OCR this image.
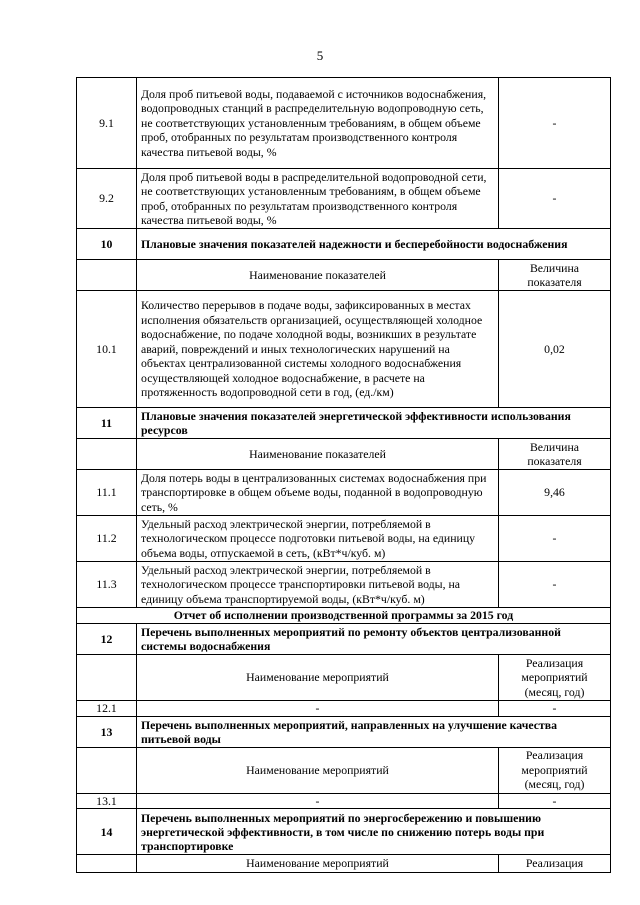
5
9.1	Доля проб питьевой воды, подаваемой с источников водоснабжения, водопроводных станций в распределительную водопроводную сеть, не соответствующих установленным требованиям, в общем объеме проб, отобранных по результатам производственного контроля качества питьевой воды, %	-
9.2	Доля проб питьевой воды в распределительной водопроводной сети, не соответствующих установленным требованиям, в общем объеме проб, отобранных по результатам производственного контроля качества питьевой воды, %	-
10	Плановые значения показателей надежности и бесперебойности водоснабжения	
	Наименование показателей	Величина показателя
10.1	Количество перерывов в подаче воды, зафиксированных в местах исполнения обязательств организацией, осуществляющей холодное водоснабжение, по подаче холодной воды, возникших в результате аварий, повреждений и иных технологических нарушений на объектах централизованной системы холодного водоснабжения осуществляющей холодное водоснабжение, в расчете на протяженность водопроводной сети в год, (ед./км)	0,02
11	Плановые значения показателей энергетической эффективности использования ресурсов	
	Наименование показателей	Величина показателя
11.1	Доля потерь воды в централизованных системах водоснабжения при транспортировке в общем объеме воды, поданной в водопроводную сеть, %	9,46
11.2	Удельный расход электрической энергии, потребляемой в технологическом процессе подготовки питьевой воды, на единицу объема воды, отпускаемой в сеть, (кВт*ч/куб. м)	-
11.3	Удельный расход электрической энергии, потребляемой в технологическом процессе транспортировки питьевой воды, на единицу объема транспортируемой воды, (кВт*ч/куб. м)	-
Отчет об исполнении производственной программы за 2015 год		
12	Перечень выполненных мероприятий по ремонту объектов централизованной системы водоснабжения	
	Наименование мероприятий	Реализация мероприятий (месяц, год)
12.1	-	-
13	Перечень выполненных мероприятий, направленных на улучшение качества питьевой воды	
	Наименование мероприятий	Реализация мероприятий (месяц, год)
13.1	-	-
14	Перечень выполненных мероприятий по энергосбережению и повышению энергетической эффективности, в том числе по снижению потерь воды при транспортировке	
	Наименование мероприятий	Реализация
